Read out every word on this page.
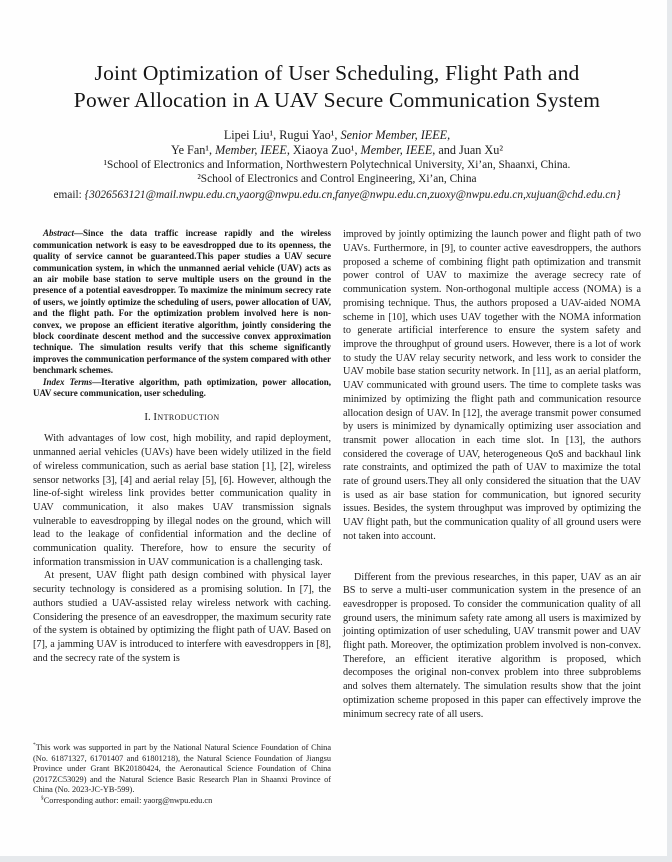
Joint Optimization of User Scheduling, Flight Path and
Power Allocation in A UAV Secure Communication System
Lipei Liu¹, Rugui Yao¹, Senior Member, IEEE,
Ye Fan¹, Member, IEEE, Xiaoya Zuo¹, Member, IEEE, and Juan Xu²
¹School of Electronics and Information, Northwestern Polytechnical University, Xi’an, Shaanxi, China.
²School of Electronics and Control Engineering, Xi’an, China
email: {3026563121@mail.nwpu.edu.cn,yaorg@nwpu.edu.cn,fanye@nwpu.edu.cn,zuoxy@nwpu.edu.cn,xujuan@chd.edu.cn}

Abstract—Since the data traffic increase rapidly and the wireless communication network is easy to be eavesdropped due to its openness, the quality of service cannot be guaranteed.This paper studies a UAV secure communication system, in which the unmanned aerial vehicle (UAV) acts as an air mobile base station to serve multiple users on the ground in the presence of a potential eavesdropper. To maximize the minimum secrecy rate of users, we jointly optimize the scheduling of users, power allocation of UAV, and the flight path. For the optimization problem involved here is non-convex, we propose an efficient iterative algorithm, jointly considering the block coordinate descent method and the successive convex approximation technique. The simulation results verify that this scheme significantly improves the communication performance of the system compared with other benchmark schemes.

Index Terms—Iterative algorithm, path optimization, power allocation, UAV secure communication, user scheduling.

I. Introduction

With advantages of low cost, high mobility, and rapid deployment, unmanned aerial vehicles (UAVs) have been widely utilized in the field of wireless communication, such as aerial base station [1], [2], wireless sensor networks [3], [4] and aerial relay [5], [6]. However, although the line-of-sight wireless link provides better communication quality in UAV communication, it also makes UAV transmission signals vulnerable to eavesdropping by illegal nodes on the ground, which will lead to the leakage of confidential information and the decline of communication quality. Therefore, how to ensure the security of information transmission in UAV communication is a challenging task.

At present, UAV flight path design combined with physical layer security technology is considered as a promising solution. In [7], the authors studied a UAV-assisted relay wireless network with caching. Considering the presence of an eavesdropper, the maximum security rate of the system is obtained by optimizing the flight path of UAV. Based on [7], a jamming UAV is introduced to interfere with eavesdroppers in [8], and the secrecy rate of the system is

*This work was supported in part by the National Natural Science Foundation of China (No. 61871327, 61701407 and 61801218), the Natural Science Foundation of Jiangsu Province under Grant BK20180424, the Aeronautical Science Foundation of China (2017ZC53029) and the Natural Science Basic Research Plan in Shaanxi Province of China (No. 2023-JC-YB-599).

§Corresponding author: email: yaorg@nwpu.edu.cn

improved by jointly optimizing the launch power and flight path of two UAVs. Furthermore, in [9], to counter active eavesdroppers, the authors proposed a scheme of combining flight path optimization and transmit power control of UAV to maximize the average secrecy rate of communication system. Non-orthogonal multiple access (NOMA) is a promising technique. Thus, the authors proposed a UAV-aided NOMA scheme in [10], which uses UAV together with the NOMA information to generate artificial interference to ensure the system safety and improve the throughput of ground users. However, there is a lot of work to study the UAV relay security network, and less work to consider the UAV mobile base station security network. In [11], as an aerial platform, UAV communicated with ground users. The time to complete tasks was minimized by optimizing the flight path and communication resource allocation design of UAV. In [12], the average transmit power consumed by users is minimized by dynamically optimizing user association and transmit power allocation in each time slot. In [13], the authors considered the coverage of UAV, heterogeneous QoS and backhaul link rate constraints, and optimized the path of UAV to maximize the total rate of ground users.They all only considered the situation that the UAV is used as air base station for communication, but ignored security issues. Besides, the system throughput was improved by optimizing the UAV flight path, but the communication quality of all ground users were not taken into account.

Different from the previous researches, in this paper, UAV as an air BS to serve a multi-user communication system in the presence of an eavesdropper is proposed. To consider the communication quality of all ground users, the minimum safety rate among all users is maximized by jointing optimization of user scheduling, UAV transmit power and UAV flight path. Moreover, the optimization problem involved is non-convex. Therefore, an efficient iterative algorithm is proposed, which decomposes the original non-convex problem into three subproblems and solves them alternately. The simulation results show that the joint optimization scheme proposed in this paper can effectively improve the minimum secrecy rate of all users.
